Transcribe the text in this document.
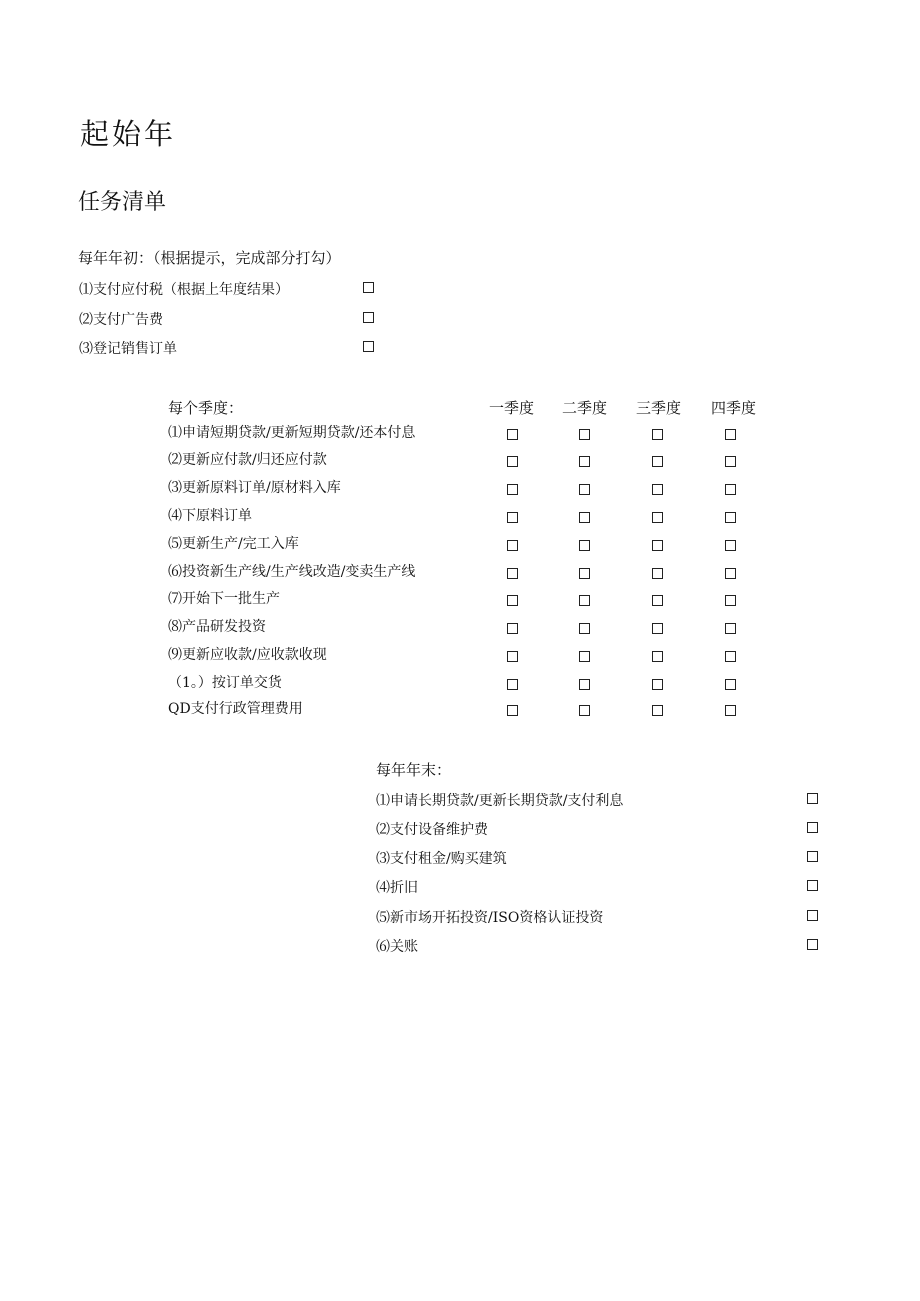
起始年
任务清单
每年年初：（根据提示，完成部分打勾）
⑴支付应付税（根据上年度结果）
⑵支付广告费
⑶登记销售订单
每个季度：	一季度 二季度 三季度 四季度
⑴申请短期贷款/更新短期贷款/还本付息
⑵更新应付款/归还应付款
⑶更新原料订单/原材料入库
⑷下原料订单
⑸更新生产/完工入库
⑹投资新生产线/生产线改造/变卖生产线
⑺开始下一批生产
⑻产品研发投资
⑼更新应收款/应收款收现
（1。）按订单交货
QD支付行政管理费用
每年年末：
⑴申请长期贷款/更新长期贷款/支付利息
⑵支付设备维护费
⑶支付租金/购买建筑
⑷折旧
⑸新市场开拓投资/ISO资格认证投资
⑹关账
